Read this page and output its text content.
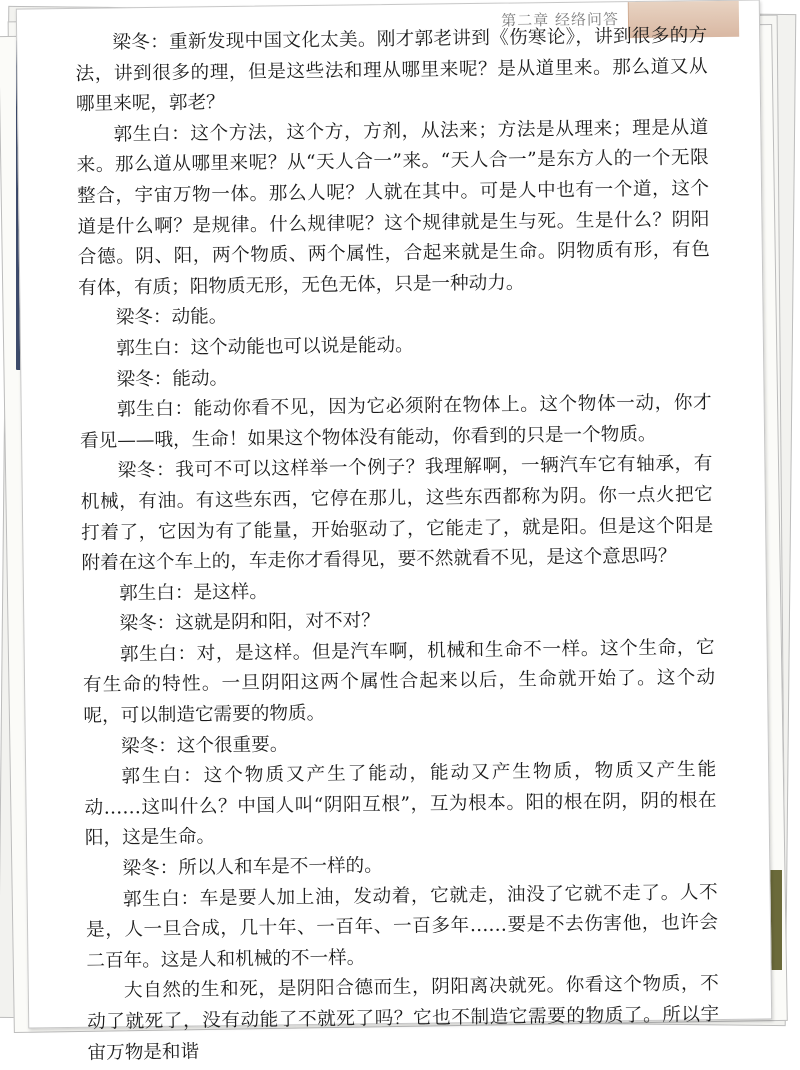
第二章 经络问答

梁冬：重新发现中国文化太美。刚才郭老讲到《伤寒论》，讲到很多的方法，讲到很多的理，但是这些法和理从哪里来呢？是从道里来。那么道又从哪里来呢，郭老？

郭生白：这个方法，这个方，方剂，从法来；方法是从理来；理是从道来。那么道从哪里来呢？从“天人合一”来。“天人合一”是东方人的一个无限整合，宇宙万物一体。那么人呢？人就在其中。可是人中也有一个道，这个道是什么啊？是规律。什么规律呢？这个规律就是生与死。生是什么？阴阳合德。阴、阳，两个物质、两个属性，合起来就是生命。阴物质有形，有色有体，有质；阳物质无形，无色无体，只是一种动力。

梁冬：动能。

郭生白：这个动能也可以说是能动。

梁冬：能动。

郭生白：能动你看不见，因为它必须附在物体上。这个物体一动，你才看见——哦，生命！如果这个物体没有能动，你看到的只是一个物质。

梁冬：我可不可以这样举一个例子？我理解啊，一辆汽车它有轴承，有机械，有油。有这些东西，它停在那儿，这些东西都称为阴。你一点火把它打着了，它因为有了能量，开始驱动了，它能走了，就是阳。但是这个阳是附着在这个车上的，车走你才看得见，要不然就看不见，是这个意思吗？

郭生白：是这样。

梁冬：这就是阴和阳，对不对？

郭生白：对，是这样。但是汽车啊，机械和生命不一样。这个生命，它有生命的特性。一旦阴阳这两个属性合起来以后，生命就开始了。这个动呢，可以制造它需要的物质。

梁冬：这个很重要。

郭生白：这个物质又产生了能动，能动又产生物质，物质又产生能动……这叫什么？中国人叫“阴阳互根”，互为根本。阳的根在阴，阴的根在阳，这是生命。

梁冬：所以人和车是不一样的。

郭生白：车是要人加上油，发动着，它就走，油没了它就不走了。人不是，人一旦合成，几十年、一百年、一百多年……要是不去伤害他，也许会二百年。这是人和机械的不一样。

大自然的生和死，是阴阳合德而生，阴阳离决就死。你看这个物质，不动了就死了，没有动能了不就死了吗？它也不制造它需要的物质了。所以宇宙万物是和谐
